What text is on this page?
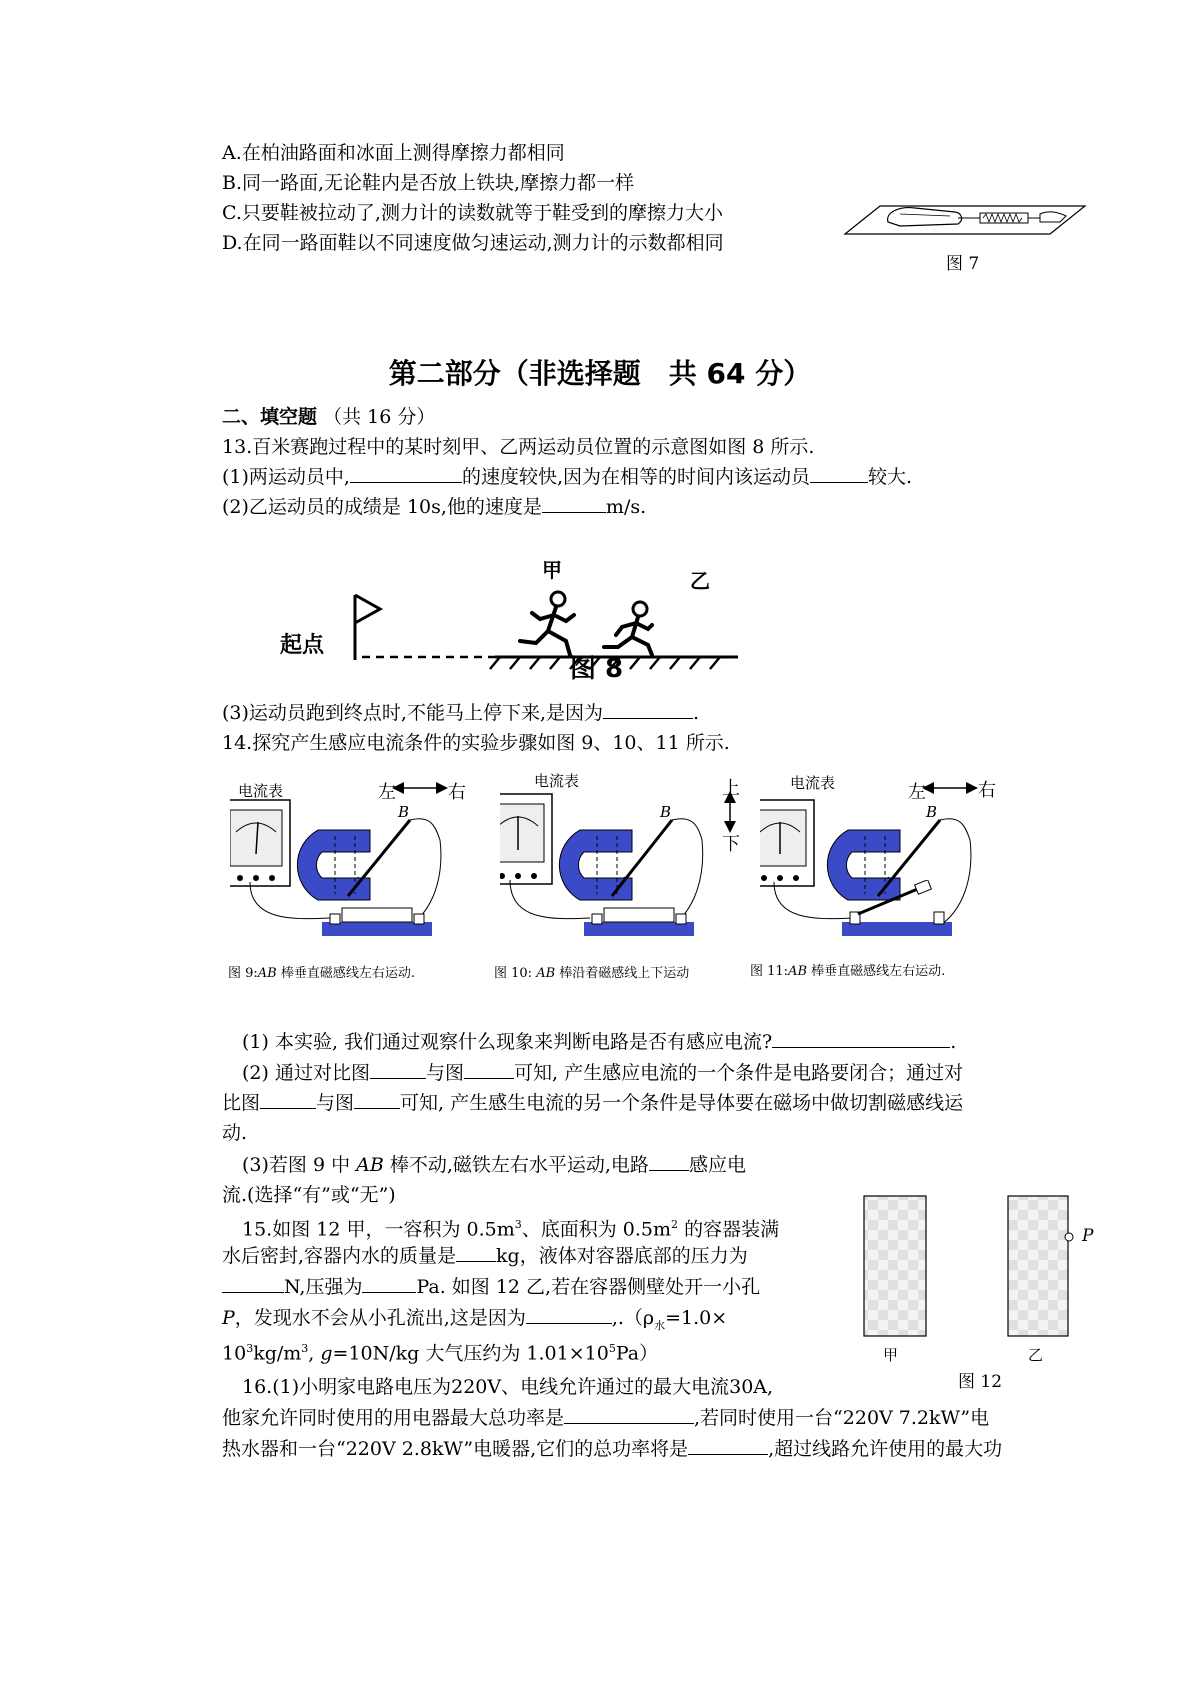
A.在柏油路面和冰面上测得摩擦力都相同
B.同一路面,无论鞋内是否放上铁块,摩擦力都一样
C.只要鞋被拉动了,测力计的读数就等于鞋受到的摩擦力大小
D.在同一路面鞋以不同速度做匀速运动,测力计的示数都相同
图 7
第二部分（非选择题　共 64 分）
二、填空题 （共 16 分）
13.百米赛跑过程中的某时刻甲、乙两运动员位置的示意图如图 8 所示.
(1)两运动员中,	的速度较快,因为在相等的时间内该运动员	较大.
(2)乙运动员的成绩是 10s,他的速度是	m/s.
起点
甲	乙
图 8
(3)运动员跑到终点时,不能马上停下来,是因为	.
14.探究产生感应电流条件的实验步骤如图 9、10、11 所示.
电流表	左	右
B
图 9:AB 棒垂直磁感线左右运动.
电流表	上
下
B
图 10: AB 棒沿着磁感线上下运动
电流表	左	右
B
图 11:AB 棒垂直磁感线左右运动.
(1) 本实验, 我们通过观察什么现象来判断电路是否有感应电流?	.
(2) 通过对比图	与图	可知, 产生感应电流的一个条件是电路要闭合；通过对
比图	与图 可知, 产生感生电流的另一个条件是导体要在磁场中做切割磁感线运
动.
(3)若图 9 中 AB 棒不动,磁铁左右水平运动,电路 感应电
流.(选择“有”或“无”)
15.如图 12 甲，一容积为 $0.5m^3$、底面积为 $0.5m^2$ 的容器装满
水后密封,容器内水的质量是 kg，液体对容器底部的压力为
N,压强为	Pa. 如图 12 乙,若在容器侧壁处开一小孔
P，发现水不会从小孔流出,这是因为	$,.(\rho_水=1.0\times$
$10^3kg/m^3$, g=10N/kg 大气压约为 $1.01\times 10^5Pa$）
P
甲	乙
图 12
16.(1)小明家电路电压为220V、电线允许通过的最大电流30A,
他家允许同时使用的用电器最大总功率是	,若同时使用一台“220V 7.2kW”电
热水器和一台“220V 2.8kW”电暖器,它们的总功率将是	,超过线路允许使用的最大功
